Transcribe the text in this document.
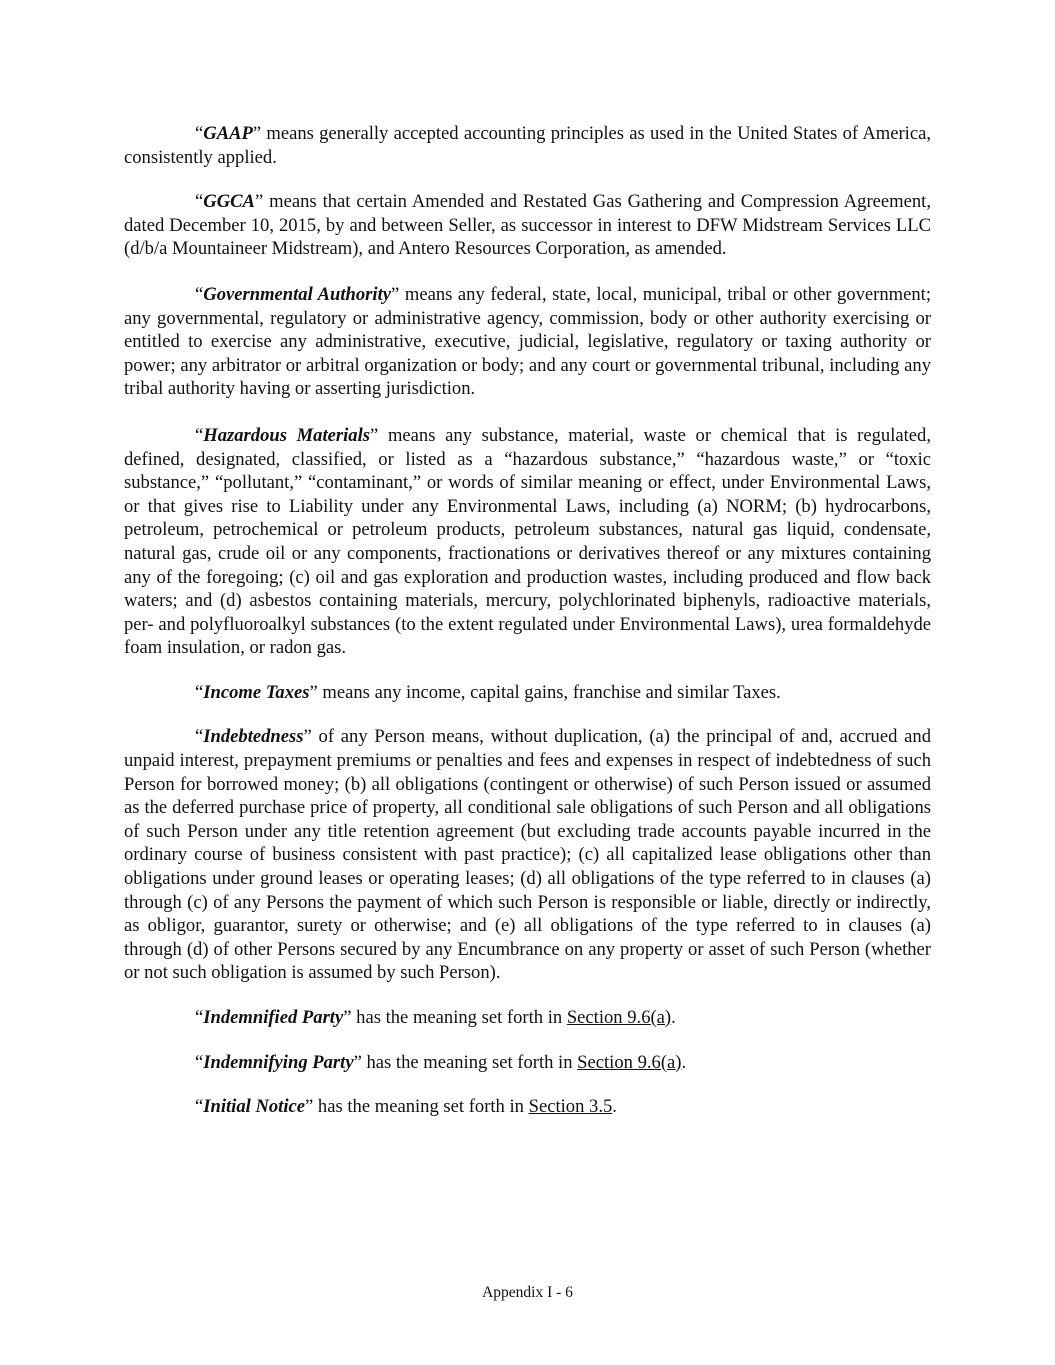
“GAAP” means generally accepted accounting principles as used in the United States of America, consistently applied.

“GGCA” means that certain Amended and Restated Gas Gathering and Compression Agreement, dated December 10, 2015, by and between Seller, as successor in interest to DFW Midstream Services LLC (d/b/a Mountaineer Midstream), and Antero Resources Corporation, as amended.

“Governmental Authority” means any federal, state, local, municipal, tribal or other government; any governmental, regulatory or administrative agency, commission, body or other authority exercising or entitled to exercise any administrative, executive, judicial, legislative, regulatory or taxing authority or power; any arbitrator or arbitral organization or body; and any court or governmental tribunal, including any tribal authority having or asserting jurisdiction.

“Hazardous Materials” means any substance, material, waste or chemical that is regulated, defined, designated, classified, or listed as a “hazardous substance,” “hazardous waste,” or “toxic substance,” “pollutant,” “contaminant,” or words of similar meaning or effect, under Environmental Laws, or that gives rise to Liability under any Environmental Laws, including (a) NORM; (b) hydrocarbons, petroleum, petrochemical or petroleum products, petroleum substances, natural gas liquid, condensate, natural gas, crude oil or any components, fractionations or derivatives thereof or any mixtures containing any of the foregoing; (c) oil and gas exploration and production wastes, including produced and flow back waters; and (d) asbestos containing materials, mercury, polychlorinated biphenyls, radioactive materials, per- and polyfluoroalkyl substances (to the extent regulated under Environmental Laws), urea formaldehyde foam insulation, or radon gas.

“Income Taxes” means any income, capital gains, franchise and similar Taxes.

“Indebtedness” of any Person means, without duplication, (a) the principal of and, accrued and unpaid interest, prepayment premiums or penalties and fees and expenses in respect of indebtedness of such Person for borrowed money; (b) all obligations (contingent or otherwise) of such Person issued or assumed as the deferred purchase price of property, all conditional sale obligations of such Person and all obligations of such Person under any title retention agreement (but excluding trade accounts payable incurred in the ordinary course of business consistent with past practice); (c) all capitalized lease obligations other than obligations under ground leases or operating leases; (d) all obligations of the type referred to in clauses (a) through (c) of any Persons the payment of which such Person is responsible or liable, directly or indirectly, as obligor, guarantor, surety or otherwise; and (e) all obligations of the type referred to in clauses (a) through (d) of other Persons secured by any Encumbrance on any property or asset of such Person (whether or not such obligation is assumed by such Person).

“Indemnified Party” has the meaning set forth in Section 9.6(a).

“Indemnifying Party” has the meaning set forth in Section 9.6(a).

“Initial Notice” has the meaning set forth in Section 3.5.

Appendix I - 6
